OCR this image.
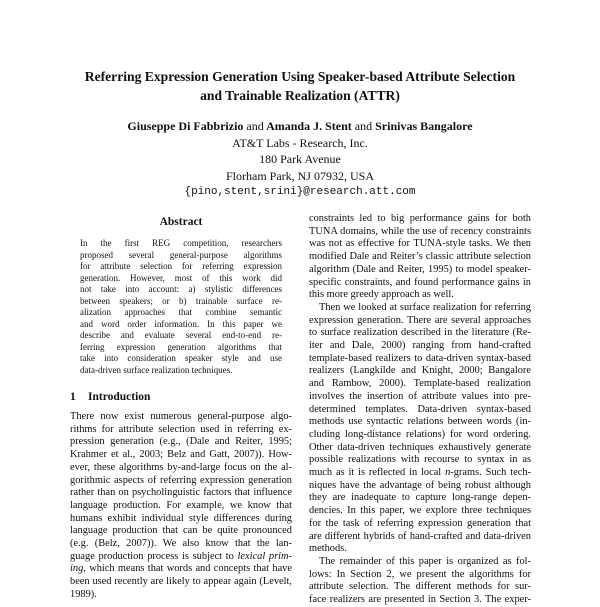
Referring Expression Generation Using Speaker-based Attribute Selection
and Trainable Realization (ATTR)
Giuseppe Di Fabbrizio and Amanda J. Stent and Srinivas Bangalore
AT&T Labs - Research, Inc.
180 Park Avenue
Florham Park, NJ 07932, USA
{pino,stent,srini}@research.att.com
Abstract
In the first REG competition, researchers
proposed several general-purpose algorithms
for attribute selection for referring expression
generation. However, most of this work did
not take into account: a) stylistic differences
between speakers; or b) trainable surface re-
alization approaches that combine semantic
and word order information. In this paper we
describe and evaluate several end-to-end re-
ferring expression generation algorithms that
take into consideration speaker style and use
data-driven surface realization techniques.
1 Introduction
There now exist numerous general-purpose algo-
rithms for attribute selection used in referring ex-
pression generation (e.g., (Dale and Reiter, 1995;
Krahmer et al., 2003; Belz and Gatt, 2007)). How-
ever, these algorithms by-and-large focus on the al-
gorithmic aspects of referring expression generation
rather than on psycholinguistic factors that influence
language production. For example, we know that
humans exhibit individual style differences during
language production that can be quite pronounced
(e.g. (Belz, 2007)). We also know that the lan-
guage production process is subject to lexical prim-
ing, which means that words and concepts that have
been used recently are likely to appear again (Levelt,
1989).
constraints led to big performance gains for both
TUNA domains, while the use of recency constraints
was not as effective for TUNA-style tasks. We then
modified Dale and Reiter’s classic attribute selection
algorithm (Dale and Reiter, 1995) to model speaker-
specific constraints, and found performance gains in
this more greedy approach as well.
Then we looked at surface realization for referring
expression generation. There are several approaches
to surface realization described in the literature (Re-
iter and Dale, 2000) ranging from hand-crafted
template-based realizers to data-driven syntax-based
realizers (Langkilde and Knight, 2000; Bangalore
and Rambow, 2000). Template-based realization
involves the insertion of attribute values into pre-
determined templates. Data-driven syntax-based
methods use syntactic relations between words (in-
cluding long-distance relations) for word ordering.
Other data-driven techniques exhaustively generate
possible realizations with recourse to syntax in as
much as it is reflected in local n-grams. Such tech-
niques have the advantage of being robust although
they are inadequate to capture long-range depen-
dencies. In this paper, we explore three techniques
for the task of referring expression generation that
are different hybrids of hand-crafted and data-driven
methods.
The remainder of this paper is organized as fol-
lows: In Section 2, we present the algorithms for
attribute selection. The different methods for sur-
face realizers are presented in Section 3. The exper-
